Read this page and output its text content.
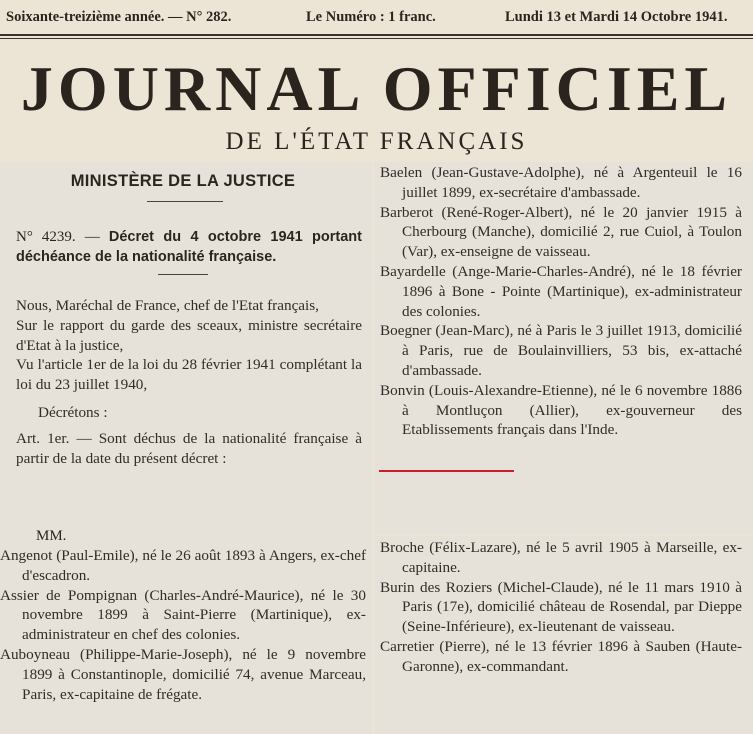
Soixante-treizième année. — N° 282.	Le Numéro : 1 franc.	Lundi 13 et Mardi 14 Octobre 1941.
JOURNAL OFFICIEL
DE L'ÉTAT FRANÇAIS
MINISTÈRE DE LA JUSTICE
N° 4239. — Décret du 4 octobre 1941 portant déchéance de la nationalité française.

Nous, Maréchal de France, chef de l'Etat français,

Sur le rapport du garde des sceaux, ministre secrétaire d'Etat à la justice,

Vu l'article 1er de la loi du 28 février 1941 complétant la loi du 23 juillet 1940,

Décrétons :

Art. 1er. — Sont déchus de la nationalité française à partir de la date du présent décret :

MM.

Angenot (Paul-Emile), né le 26 août 1893 à Angers, ex-chef d'escadron.

Assier de Pompignan (Charles-André-Maurice), né le 30 novembre 1899 à Saint-Pierre (Martinique), ex-administrateur en chef des colonies.

Auboyneau (Philippe-Marie-Joseph), né le 9 novembre 1899 à Constantinople, domicilié 74, avenue Marceau, Paris, ex-capitaine de frégate.

Baelen (Jean-Gustave-Adolphe), né à Argenteuil le 16 juillet 1899, ex-secrétaire d'ambassade.

Barberot (René-Roger-Albert), né le 20 janvier 1915 à Cherbourg (Manche), domicilié 2, rue Cuiol, à Toulon (Var), ex-enseigne de vaisseau.

Bayardelle (Ange-Marie-Charles-André), né le 18 février 1896 à Bone - Pointe (Martinique), ex-administrateur des colonies.

Boegner (Jean-Marc), né à Paris le 3 juillet 1913, domicilié à Paris, rue de Boulainvilliers, 53 bis, ex-attaché d'ambassade.

Bonvin (Louis-Alexandre-Etienne), né le 6 novembre 1886 à Montluçon (Allier), ex-gouverneur des Etablissements français dans l'Inde.

Broche (Félix-Lazare), né le 5 avril 1905 à Marseille, ex-capitaine.

Burin des Roziers (Michel-Claude), né le 11 mars 1910 à Paris (17e), domicilié château de Rosendal, par Dieppe (Seine-Inférieure), ex-lieutenant de vaisseau.

Carretier (Pierre), né le 13 février 1896 à Sauben (Haute-Garonne), ex-commandant.
